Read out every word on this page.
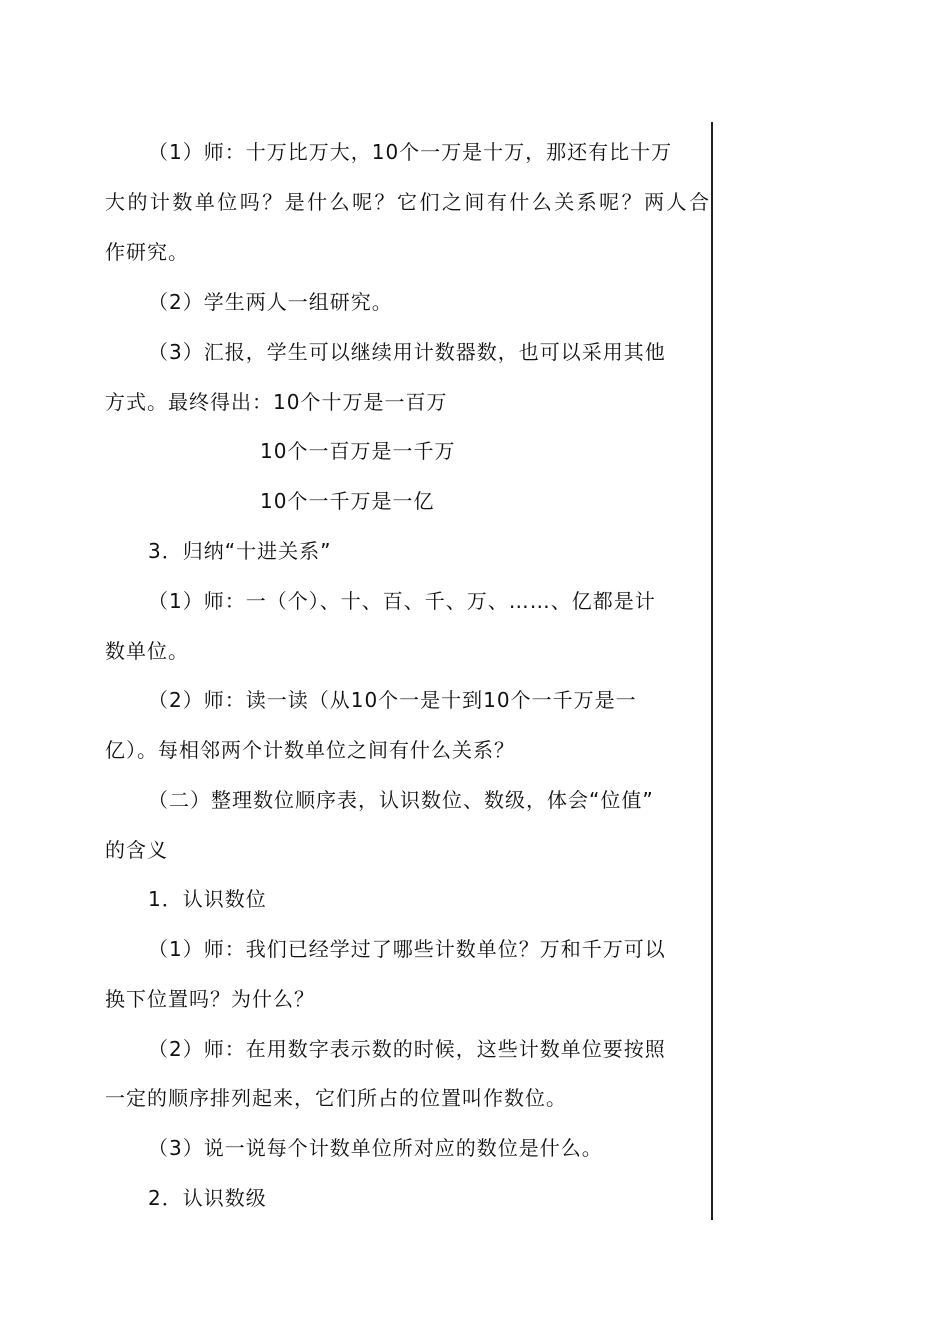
（1）师：十万比万大，10个一万是十万，那还有比十万
大的计数单位吗？是什么呢？它们之间有什么关系呢？两人合
作研究。
（2）学生两人一组研究。
（3）汇报，学生可以继续用计数器数，也可以采用其他
方式。最终得出：10个十万是一百万
10个一百万是一千万
10个一千万是一亿
3．归纳“十进关系”
（1）师：一（个）、十、百、千、万、……、亿都是计
数单位。
（2）师：读一读（从10个一是十到10个一千万是一
亿）。每相邻两个计数单位之间有什么关系？
（二）整理数位顺序表，认识数位、数级，体会“位值”
的含义
1．认识数位
（1）师：我们已经学过了哪些计数单位？万和千万可以
换下位置吗？为什么？
（2）师：在用数字表示数的时候，这些计数单位要按照
一定的顺序排列起来，它们所占的位置叫作数位。
（3）说一说每个计数单位所对应的数位是什么。
2．认识数级
